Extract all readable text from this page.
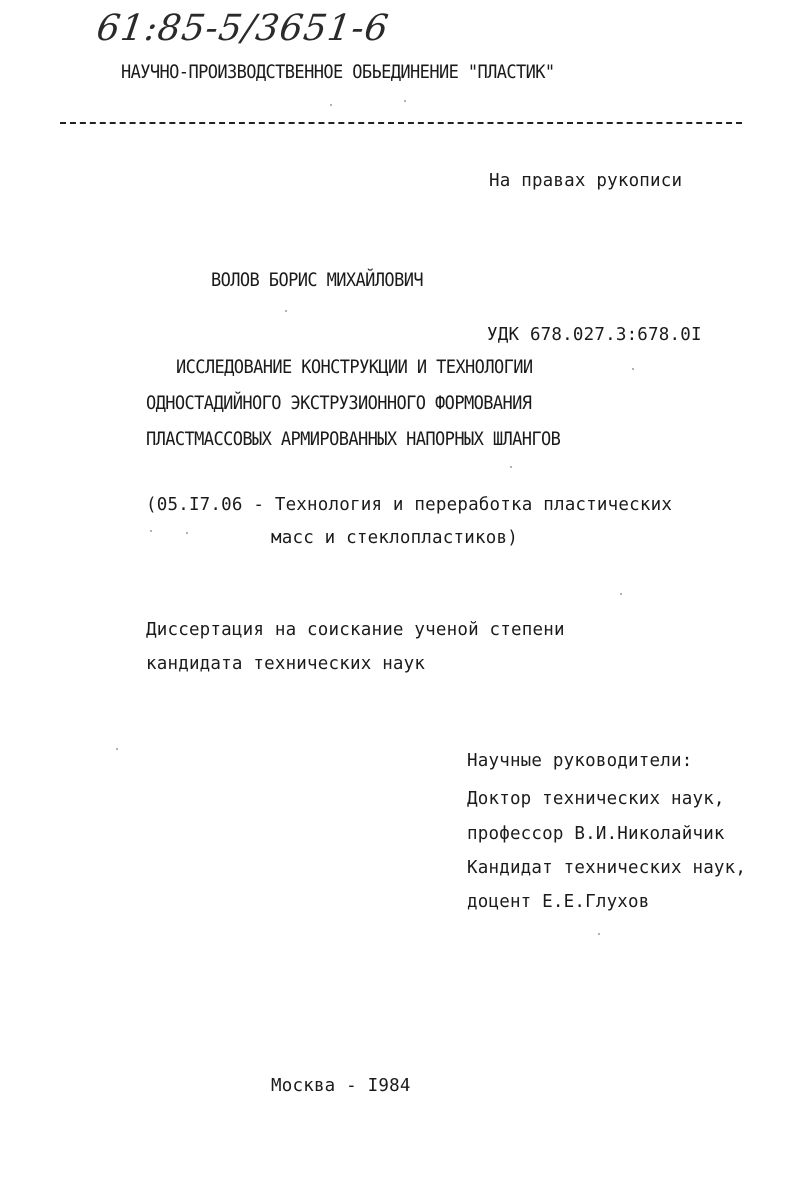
61:85-5/3651-6
НАУЧНО-ПРОИЗВОДСТВЕННОЕ ОБЬЕДИНЕНИЕ "ПЛАСТИК"
На правах рукописи
ВОЛОВ БОРИС МИХАЙЛОВИЧ
УДК 678.027.3:678.0I
ИССЛЕДОВАНИЕ КОНСТРУКЦИИ И ТЕХНОЛОГИИ
ОДНОСТАДИЙНОГО ЭКСТРУЗИОННОГО ФОРМОВАНИЯ
ПЛАСТМАССОВЫХ АРМИРОВАННЫХ НАПОРНЫХ ШЛАНГОВ
(05.I7.06 - Технология и переработка пластических
масс и стеклопластиков)
Диссертация на соискание ученой степени
кандидата технических наук
Научные руководители:
Доктор технических наук,
профессор В.И.Николайчик
Кандидат технических наук,
доцент Е.Е.Глухов
Москва - I984
